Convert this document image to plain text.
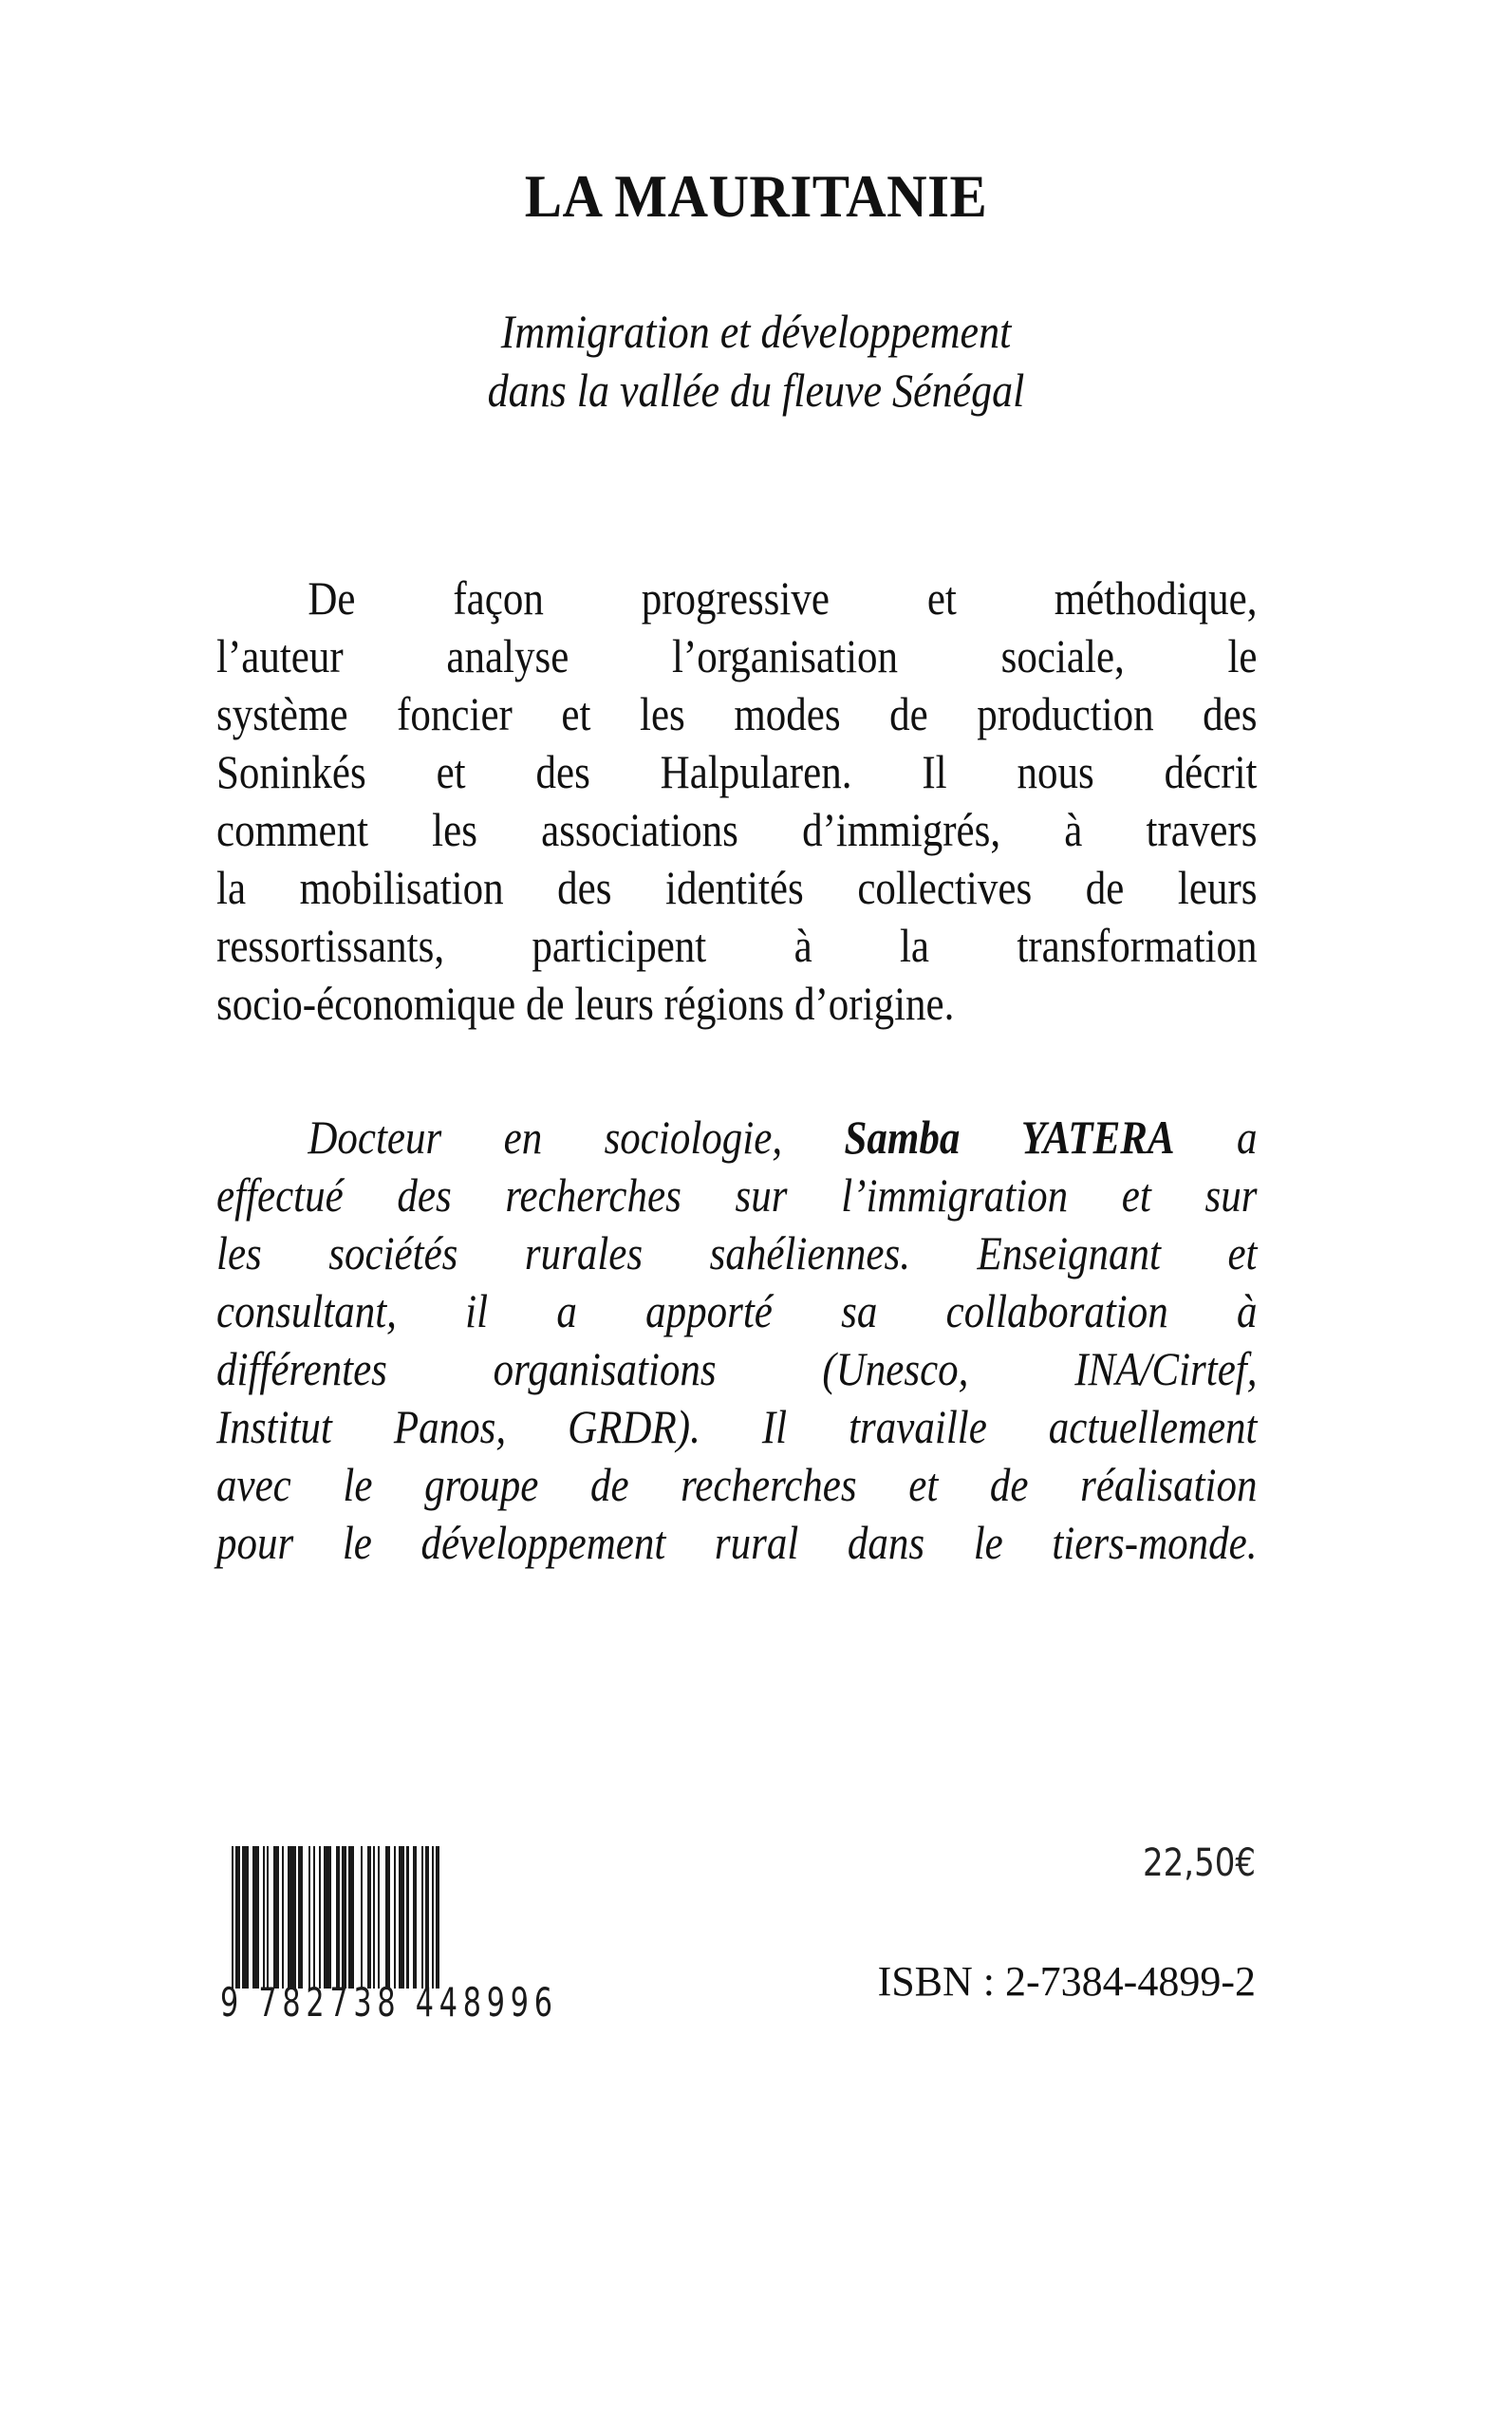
LA MAURITANIE
Immigration et développement
dans la vallée du fleuve Sénégal
De façon progressive et méthodique,
l’auteur analyse l’organisation sociale, le
système foncier et les modes de production des
Soninkés et des Halpularen. Il nous décrit
comment les associations d’immigrés, à travers
la mobilisation des identités collectives de leurs
ressortissants, participent à la transformation
socio-économique de leurs régions d’origine.
Docteur en sociologie, Samba YATERA a
effectué des recherches sur l’immigration et sur
les sociétés rurales sahéliennes. Enseignant et
consultant, il a apporté sa collaboration à
différentes organisations (Unesco, INA/Cirtef,
Institut Panos, GRDR). Il travaille actuellement
avec le groupe de recherches et de réalisation
pour le développement rural dans le tiers-monde.
9 782738 448996
22,50€
ISBN : 2-7384-4899-2
